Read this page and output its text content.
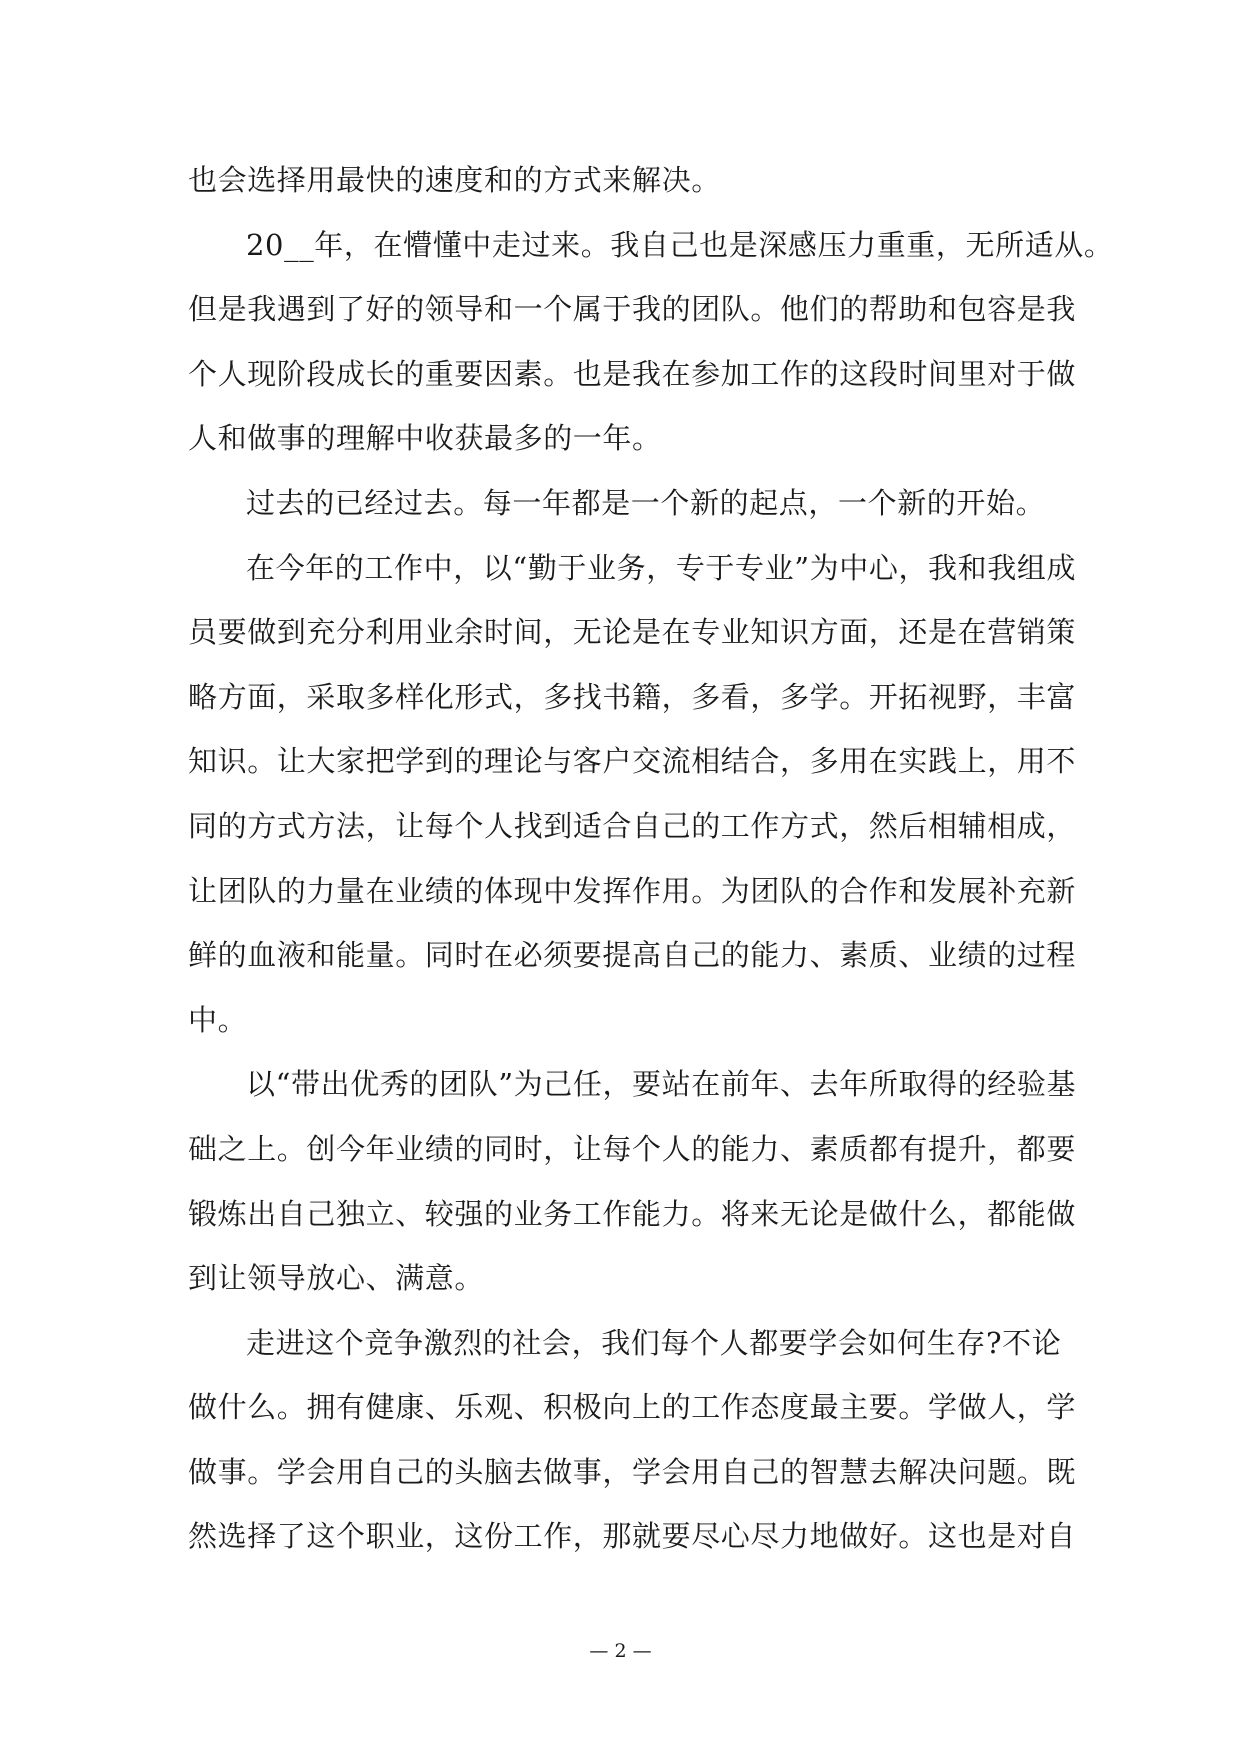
也会选择用最快的速度和的方式来解决。
20__年，在懵懂中走过来。我自己也是深感压力重重，无所适从。
但是我遇到了好的领导和一个属于我的团队。他们的帮助和包容是我
个人现阶段成长的重要因素。也是我在参加工作的这段时间里对于做
人和做事的理解中收获最多的一年。
过去的已经过去。每一年都是一个新的起点，一个新的开始。
在今年的工作中，以“勤于业务，专于专业”为中心，我和我组成
员要做到充分利用业余时间，无论是在专业知识方面，还是在营销策
略方面，采取多样化形式，多找书籍，多看，多学。开拓视野，丰富
知识。让大家把学到的理论与客户交流相结合，多用在实践上，用不
同的方式方法，让每个人找到适合自己的工作方式，然后相辅相成，
让团队的力量在业绩的体现中发挥作用。为团队的合作和发展补充新
鲜的血液和能量。同时在必须要提高自己的能力、素质、业绩的过程
中。
以“带出优秀的团队”为己任，要站在前年、去年所取得的经验基
础之上。创今年业绩的同时，让每个人的能力、素质都有提升，都要
锻炼出自己独立、较强的业务工作能力。将来无论是做什么，都能做
到让领导放心、满意。
走进这个竞争激烈的社会，我们每个人都要学会如何生存?不论
做什么。拥有健康、乐观、积极向上的工作态度最主要。学做人，学
做事。学会用自己的头脑去做事，学会用自己的智慧去解决问题。既
然选择了这个职业，这份工作，那就要尽心尽力地做好。这也是对自
— 2 —
